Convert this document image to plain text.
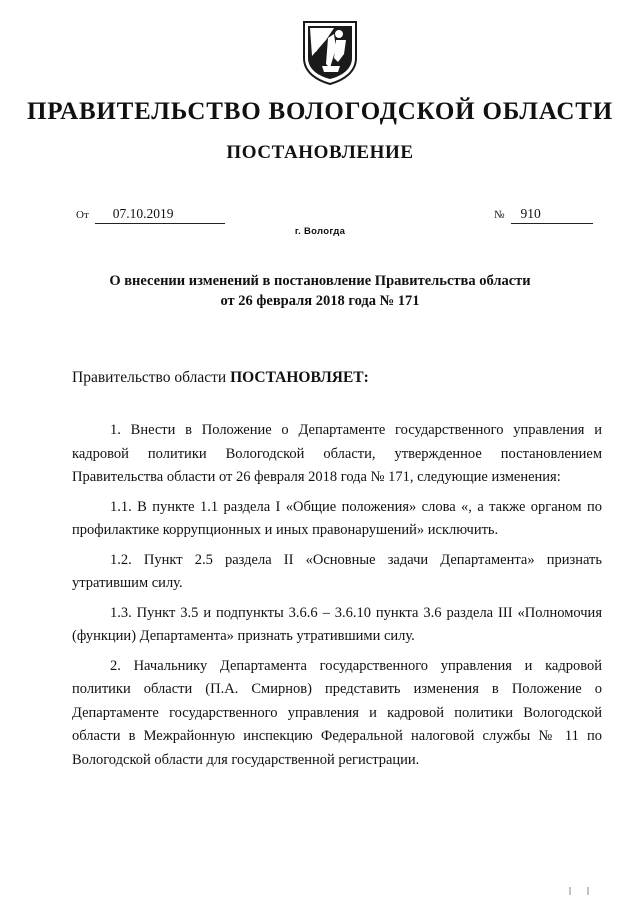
ПРАВИТЕЛЬСТВО ВОЛОГОДСКОЙ ОБЛАСТИ
ПОСТАНОВЛЕНИЕ
От 07.10.2019	№ 910
г. Вологда
О внесении изменений в постановление Правительства области
от 26 февраля 2018 года № 171
Правительство области ПОСТАНОВЛЯЕТ:

1. Внести в Положение о Департаменте государственного управления и кадровой политики Вологодской области, утвержденное постановлением Правительства области от 26 февраля 2018 года № 171, следующие изменения:

1.1. В пункте 1.1 раздела I «Общие положения» слова «, а также органом по профилактике коррупционных и иных правонарушений» исключить.

1.2. Пункт 2.5 раздела II «Основные задачи Департамента» признать утратившим силу.

1.3. Пункт 3.5 и подпункты 3.6.6 – 3.6.10 пункта 3.6 раздела III «Полномочия (функции) Департамента» признать утратившими силу.

2. Начальнику Департамента государственного управления и кадровой политики области (П.А. Смирнов) представить изменения в Положение о Департаменте государственного управления и кадровой политики Вологодской области в Межрайонную инспекцию Федеральной налоговой службы № 11 по Вологодской области для государственной регистрации.
